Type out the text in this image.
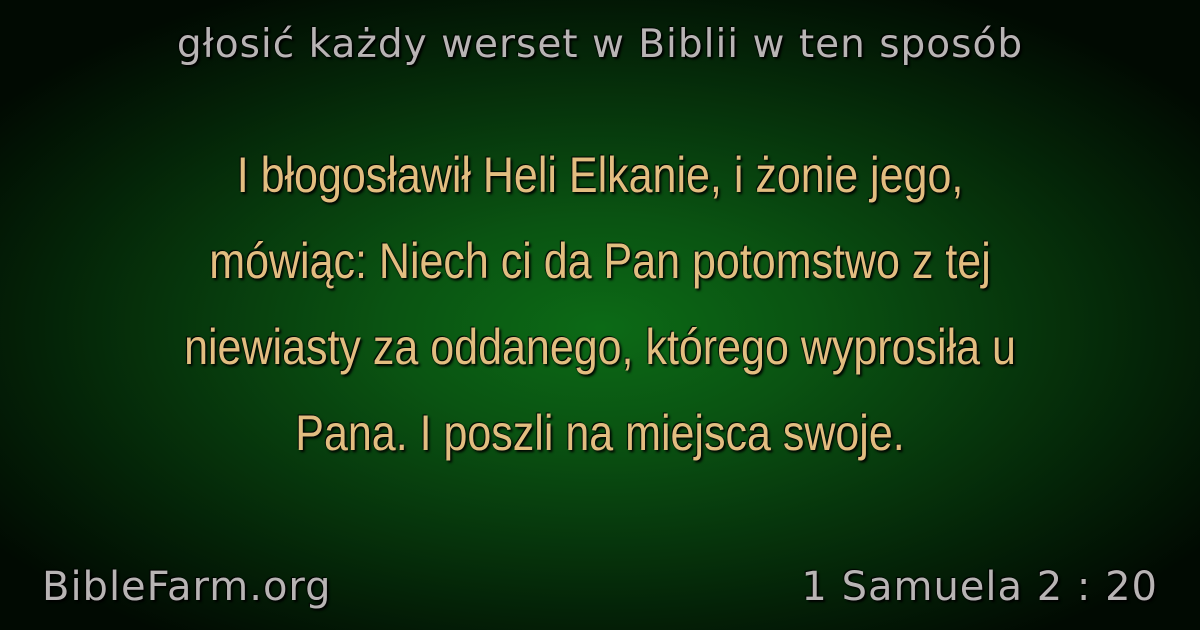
głosić każdy werset w Biblii w ten sposób
I błogosławił Heli Elkanie, i żonie jego,
mówiąc: Niech ci da Pan potomstwo z tej
niewiasty za oddanego, którego wyprosiła u
Pana. I poszli na miejsca swoje.
BibleFarm.org	1 Samuela 2 : 20
